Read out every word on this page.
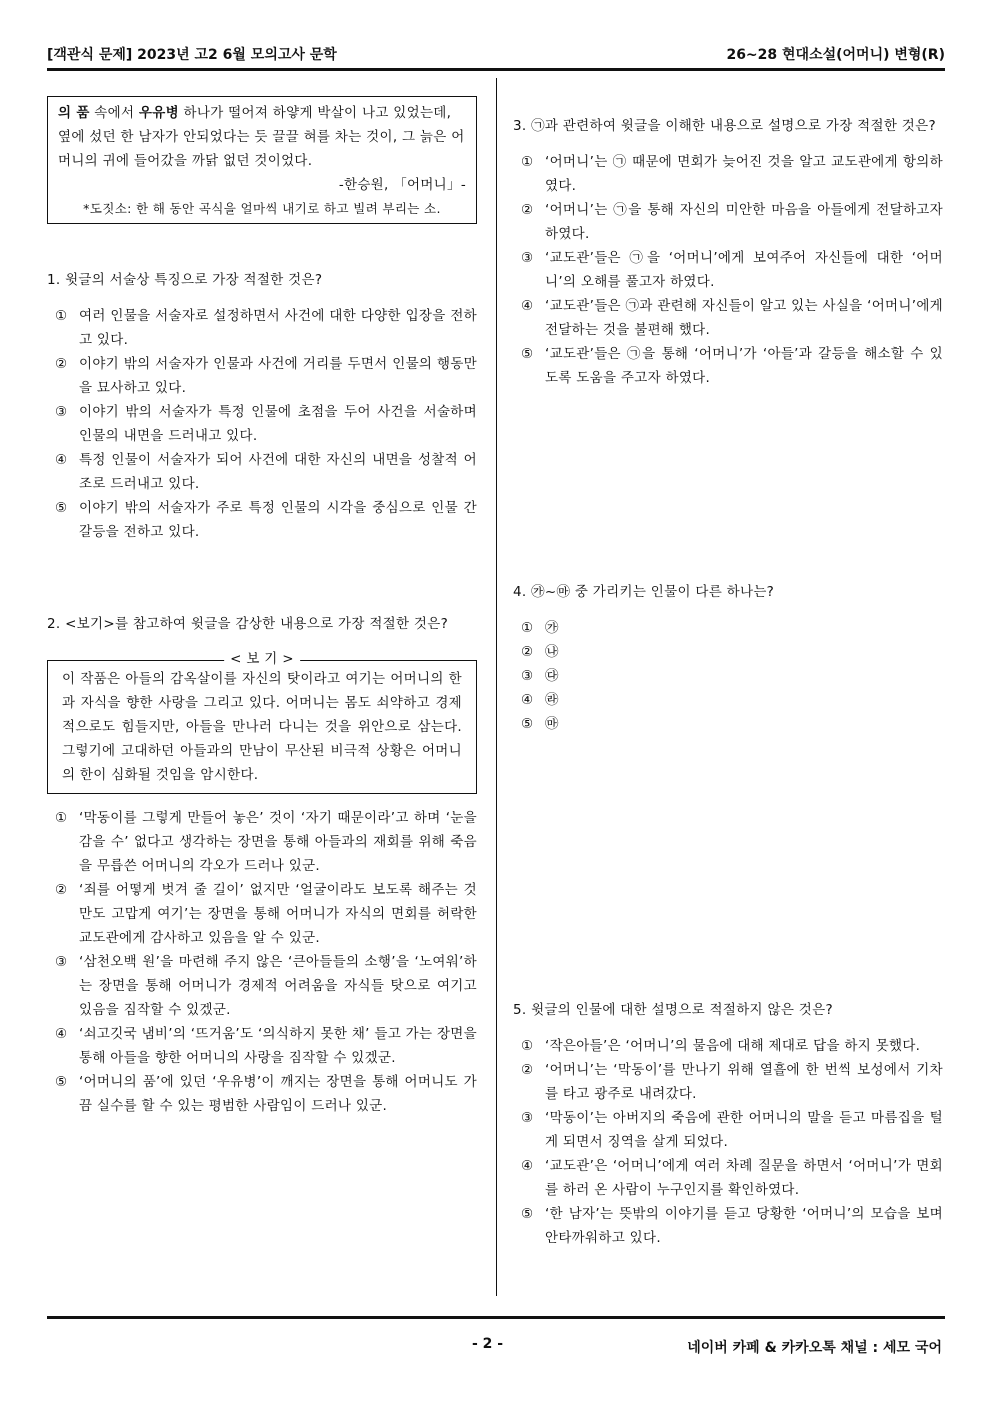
[객관식 문제] 2023년 고2 6월 모의고사 문학	26~28 현대소설(어머니) 변형(R)

의 품 속에서 우유병 하나가 떨어져 하얗게 박살이 나고 있었는데, 옆에 섰던 한 남자가 안되었다는 듯 끌끌 혀를 차는 것이, 그 늙은 어머니의 귀에 들어갔을 까닭 없던 것이었다.

-한승원, 「어머니」-

*도짓소: 한 해 동안 곡식을 얼마씩 내기로 하고 빌려 부리는 소.

1. 윗글의 서술상 특징으로 가장 적절한 것은?
① 여러 인물을 서술자로 설정하면서 사건에 대한 다양한 입장을 전하고 있다.
② 이야기 밖의 서술자가 인물과 사건에 거리를 두면서 인물의 행동만을 묘사하고 있다.
③ 이야기 밖의 서술자가 특정 인물에 초점을 두어 사건을 서술하며 인물의 내면을 드러내고 있다.
④ 특정 인물이 서술자가 되어 사건에 대한 자신의 내면을 성찰적 어조로 드러내고 있다.
⑤ 이야기 밖의 서술자가 주로 특정 인물의 시각을 중심으로 인물 간 갈등을 전하고 있다.
2. <보기>를 참고하여 윗글을 감상한 내용으로 가장 적절한 것은?
< 보 기 >
이 작품은 아들의 감옥살이를 자신의 탓이라고 여기는 어머니의 한과 자식을 향한 사랑을 그리고 있다. 어머니는 몸도 쇠약하고 경제적으로도 힘들지만, 아들을 만나러 다니는 것을 위안으로 삼는다. 그렇기에 고대하던 아들과의 만남이 무산된 비극적 상황은 어머니의 한이 심화될 것임을 암시한다.
① ‘막동이를 그렇게 만들어 놓은’ 것이 ‘자기 때문이라’고 하며 ‘눈을 감을 수’ 없다고 생각하는 장면을 통해 아들과의 재회를 위해 죽음을 무릅쓴 어머니의 각오가 드러나 있군.
② ‘죄를 어떻게 벗겨 줄 길이’ 없지만 ‘얼굴이라도 보도록 해주는 것만도 고맙게 여기’는 장면을 통해 어머니가 자식의 면회를 허락한 교도관에게 감사하고 있음을 알 수 있군.
③ ‘삼천오백 원’을 마련해 주지 않은 ‘큰아들들의 소행’을 ‘노여워’하는 장면을 통해 어머니가 경제적 어려움을 자식들 탓으로 여기고 있음을 짐작할 수 있겠군.
④ ‘쇠고깃국 냄비’의 ‘뜨거움’도 ‘의식하지 못한 채’ 들고 가는 장면을 통해 아들을 향한 어머니의 사랑을 짐작할 수 있겠군.
⑤ ‘어머니의 품’에 있던 ‘우유병’이 깨지는 장면을 통해 어머니도 가끔 실수를 할 수 있는 평범한 사람임이 드러나 있군.
3. ㉠과 관련하여 윗글을 이해한 내용으로 설명으로 가장 적절한 것은?
① ‘어머니’는 ㉠ 때문에 면회가 늦어진 것을 알고 교도관에게 항의하였다.
② ‘어머니’는 ㉠을 통해 자신의 미안한 마음을 아들에게 전달하고자 하였다.
③ ‘교도관’들은 ㉠을 ‘어머니’에게 보여주어 자신들에 대한 ‘어머니’의 오해를 풀고자 하였다.
④ ‘교도관’들은 ㉠과 관련해 자신들이 알고 있는 사실을 ‘어머니’에게 전달하는 것을 불편해 했다.
⑤ ‘교도관’들은 ㉠을 통해 ‘어머니’가 ‘아들’과 갈등을 해소할 수 있도록 도움을 주고자 하였다.
4. ㉮~㉲ 중 가리키는 인물이 다른 하나는?
① ㉮
② ㉯
③ ㉰
④ ㉱
⑤ ㉲
5. 윗글의 인물에 대한 설명으로 적절하지 않은 것은?
① ‘작은아들’은 ‘어머니’의 물음에 대해 제대로 답을 하지 못했다.
② ‘어머니’는 ‘막동이’를 만나기 위해 열흘에 한 번씩 보성에서 기차를 타고 광주로 내려갔다.
③ ‘막동이’는 아버지의 죽음에 관한 어머니의 말을 듣고 마름집을 털게 되면서 징역을 살게 되었다.
④ ‘교도관’은 ‘어머니’에게 여러 차례 질문을 하면서 ‘어머니’가 면회를 하러 온 사람이 누구인지를 확인하였다.
⑤ ‘한 남자’는 뜻밖의 이야기를 듣고 당황한 ‘어머니’의 모습을 보며 안타까워하고 있다.
- 2 -	네이버 카페 & 카카오톡 채널 : 세모 국어
